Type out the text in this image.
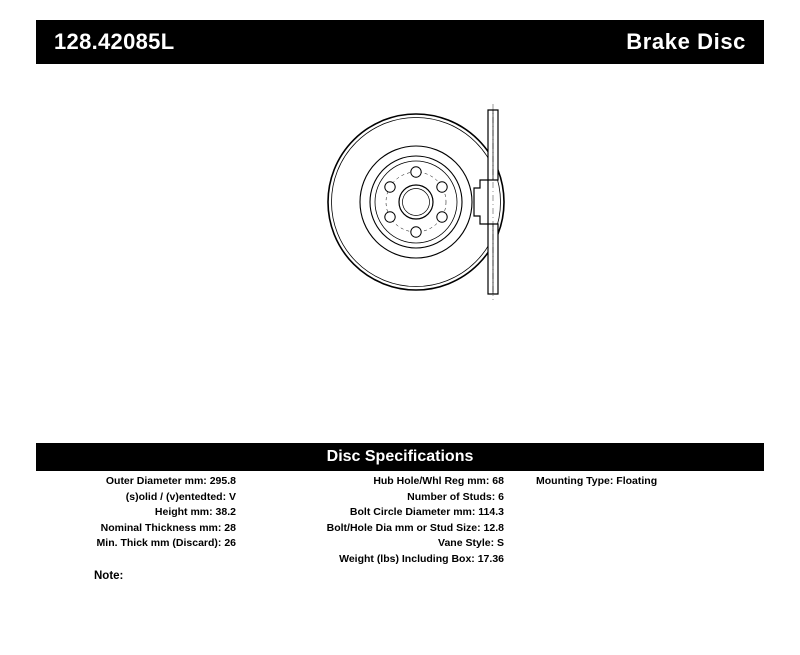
128.42085L	Brake Disc
Disc Specifications
Outer Diameter mm: 295.8
(s)olid / (v)entedted: V
Height mm: 38.2
Nominal Thickness mm: 28
Min. Thick mm (Discard): 26
Hub Hole/Whl Reg mm: 68
Number of Studs: 6
Bolt Circle Diameter mm: 114.3
Bolt/Hole Dia mm or Stud Size: 12.8
Vane Style: S
Weight (lbs) Including Box: 17.36
Mounting Type: Floating
Note:
